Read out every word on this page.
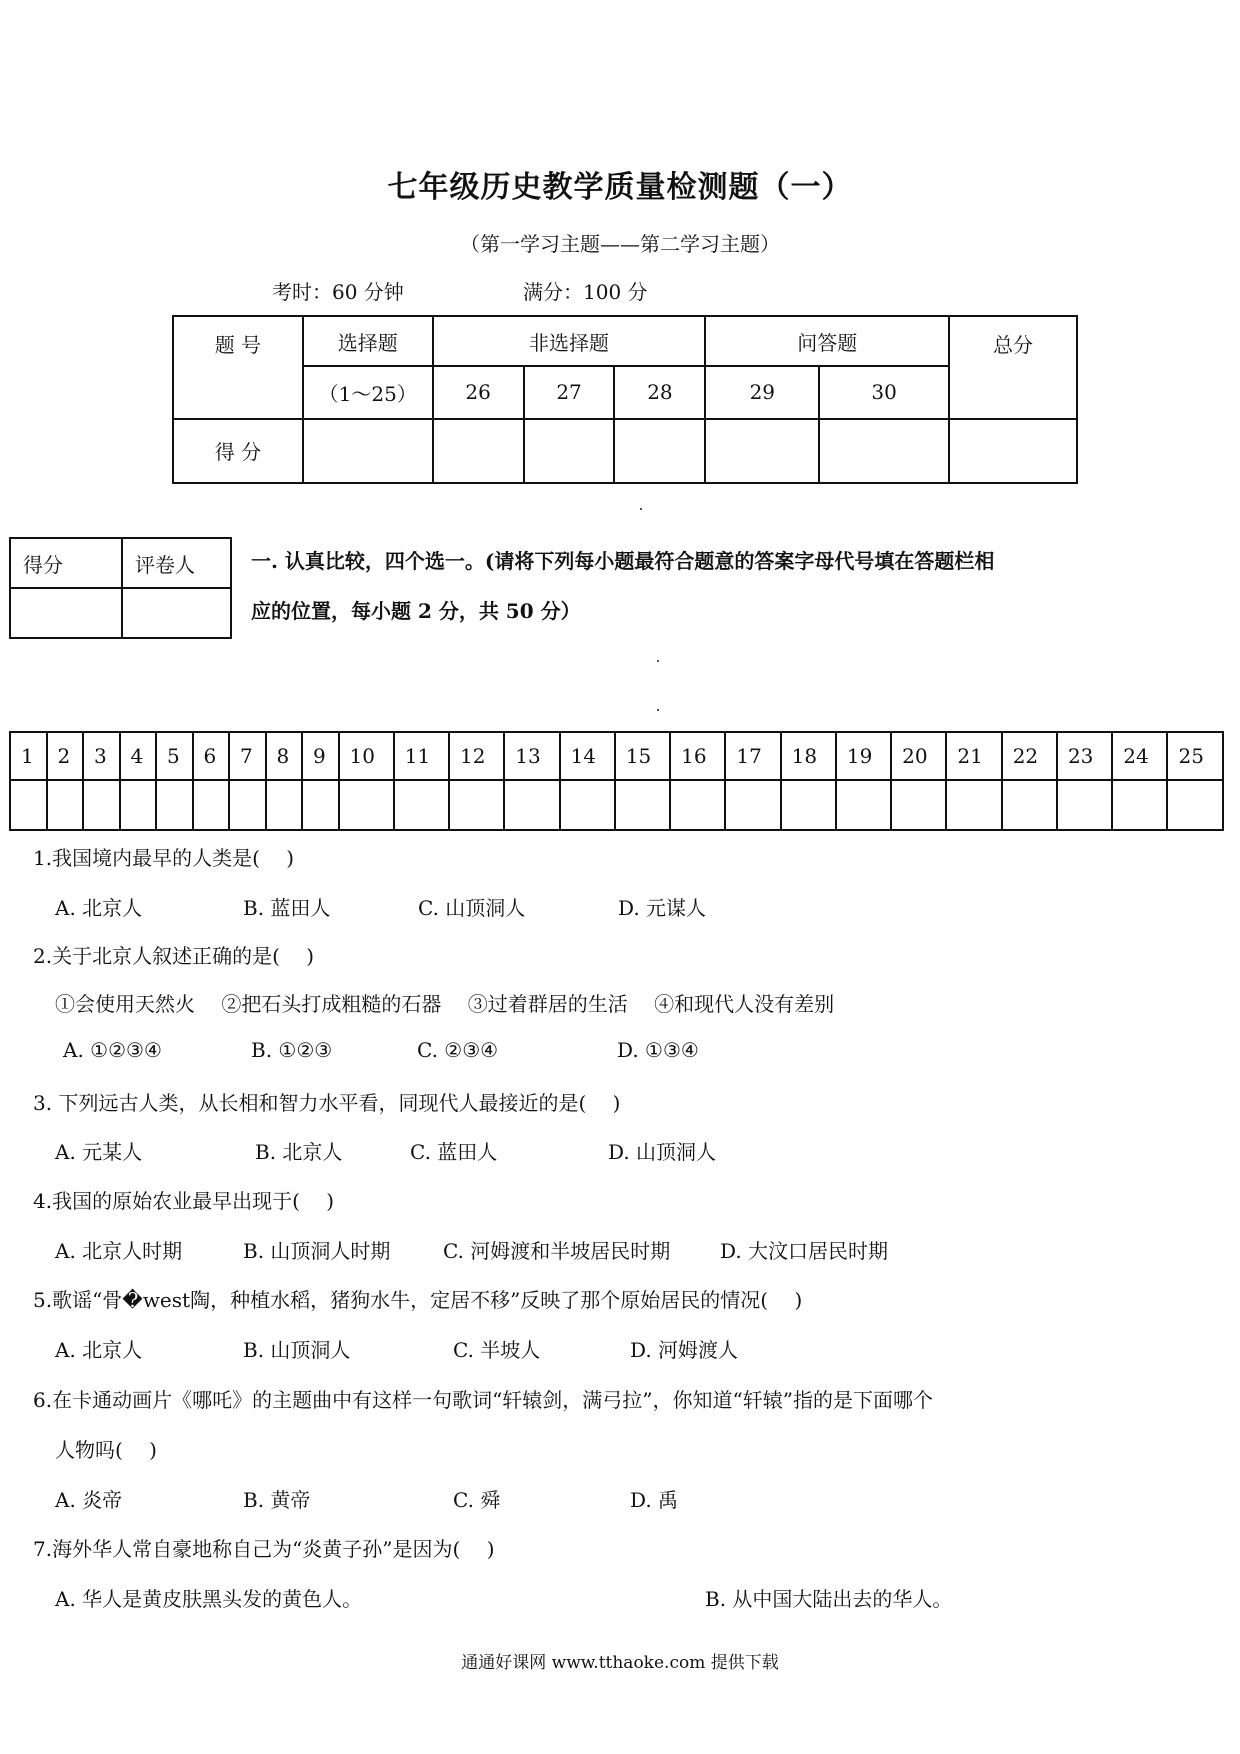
七年级历史教学质量检测题（一）
（第一学习主题——第二学习主题）
考时：60 分钟	满分：100 分
题 号	选择题	非选择题			问答题		总分
	（1～25）	26	27	28	29	30	
得 分							
得分	评卷人
		一. 认真比较，四个选一。(请将下列每小题最符合题意的答案字母代号填在答题栏相
应的位置，每小题 2 分，共 50 分）
1	2	3	4	5	6	7	8	9	10	11	12	13	14	15	16	17	18	19	20	21	22	23	24	25

1.我国境内最早的人类是(　 )
A. 北京人	B. 蓝田人	C. 山顶洞人	D. 元谋人
2.关于北京人叙述正确的是(　 )
①会使用天然火　 ②把石头打成粗糙的石器　 ③过着群居的生活　 ④和现代人没有差别
A. ①②③④	B. ①②③	C. ②③④	D. ①③④
3. 下列远古人类，从长相和智力水平看，同现代人最接近的是(　 )
A. 元某人	B. 北京人	C. 蓝田人	D. 山顶洞人
4.我国的原始农业最早出现于(　 )
A. 北京人时期	B. 山顶洞人时期	C. 河姆渡和半坡居民时期 D. 大汶口居民时期
5.歌谣“骨�west陶，种植水稻，猪狗水牛，定居不移”反映了那个原始居民的情况(　 )
A. 北京人	B. 山顶洞人	C. 半坡人	D. 河姆渡人
6.在卡通动画片《哪吒》的主题曲中有这样一句歌词“轩辕剑，满弓拉”，你知道“轩辕”指的是下面哪个
人物吗(　 )
A. 炎帝	B. 黄帝	C. 舜	D. 禹
7.海外华人常自豪地称自己为“炎黄子孙”是因为(　 )
A. 华人是黄皮肤黑头发的黄色人。	B. 从中国大陆出去的华人。
通通好课网 www.tthaoke.com 提供下载
